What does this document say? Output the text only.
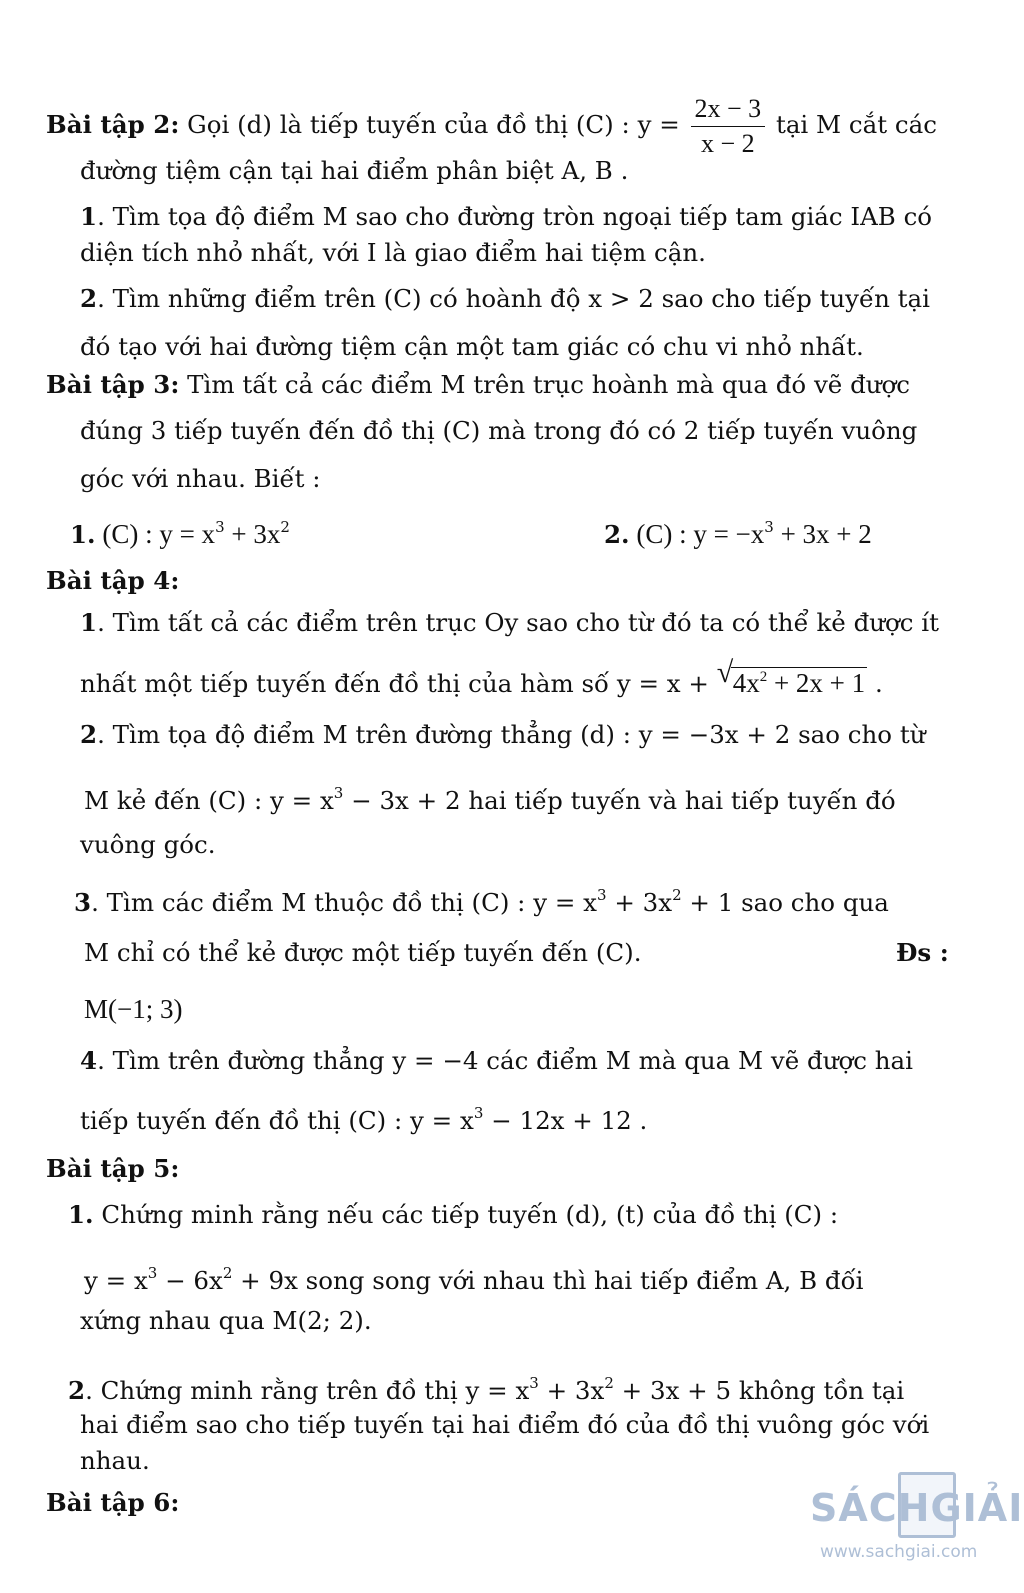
Bài tập 2: Gọi (d) là tiếp tuyến của đồ thị (C) : $y = \frac{2x - 3}{x - 2}$ tại M cắt các
đường tiệm cận tại hai điểm phân biệt A, B .
1. Tìm tọa độ điểm M sao cho đường tròn ngoại tiếp tam giác IAB có
diện tích nhỏ nhất, với I là giao điểm hai tiệm cận.
2. Tìm những điểm trên (C) có hoành độ x > 2 sao cho tiếp tuyến tại
đó tạo với hai đường tiệm cận một tam giác có chu vi nhỏ nhất.
Bài tập 3: Tìm tất cả các điểm M trên trục hoành mà qua đó vẽ được
đúng 3 tiếp tuyến đến đồ thị (C) mà trong đó có 2 tiếp tuyến vuông
góc với nhau. Biết :
1. (C) : $y = x^3 + 3x^2$	2. (C) : $y = -x^3 + 3x + 2$
Bài tập 4:
1. Tìm tất cả các điểm trên trục Oy sao cho từ đó ta có thể kẻ được ít
nhất một tiếp tuyến đến đồ thị của hàm số y = x + √ $4x^2 + 2x + 1$ .
2. Tìm tọa độ điểm M trên đường thẳng (d) : y = −3x + 2 sao cho từ
M kẻ đến (C) : $y = x^3 - 3x + 2$ hai tiếp tuyến và hai tiếp tuyến đó
vuông góc.
3. Tìm các điểm M thuộc đồ thị (C) : $y = x^3 + 3x^2 + 1$ sao cho qua
M chỉ có thể kẻ được một tiếp tuyến đến (C).	Đs :
M(−1; 3)
4. Tìm trên đường thẳng y = −4 các điểm M mà qua M vẽ được hai
tiếp tuyến đến đồ thị (C) : $y = x^3 - 12x + 12$ .
Bài tập 5:
1. Chứng minh rằng nếu các tiếp tuyến (d), (t) của đồ thị (C) :
$y = x^3 - 6x^2 + 9x$ song song với nhau thì hai tiếp điểm A, B đối
xứng nhau qua M(2; 2).
2. Chứng minh rằng trên đồ thị $y = x^3 + 3x^2 + 3x + 5$ không tồn tại
hai điểm sao cho tiếp tuyến tại hai điểm đó của đồ thị vuông góc với
nhau.
Bài tập 6:	SÁCHGIẢI
www.sachgiai.com
